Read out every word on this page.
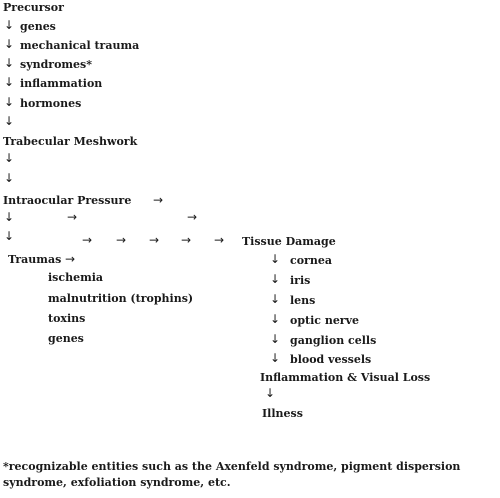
Precursor
↓ genes
↓ mechanical trauma
↓ syndromes*
↓ inflammation
↓ hormones
↓
Trabecular Meshwork
↓
↓
Intraocular Pressure →
↓	→	→
↓	→ → → → → Tissue Damage
Traumas →
ischemia
malnutrition (trophins)
toxins
genes
↓ cornea
↓ iris
↓ lens
↓ optic nerve
↓ ganglion cells
↓ blood vessels
Inflammation & Visual Loss
↓
Illness
*recognizable entities such as the Axenfeld syndrome, pigment dispersion syndrome, exfoliation syndrome, etc.
